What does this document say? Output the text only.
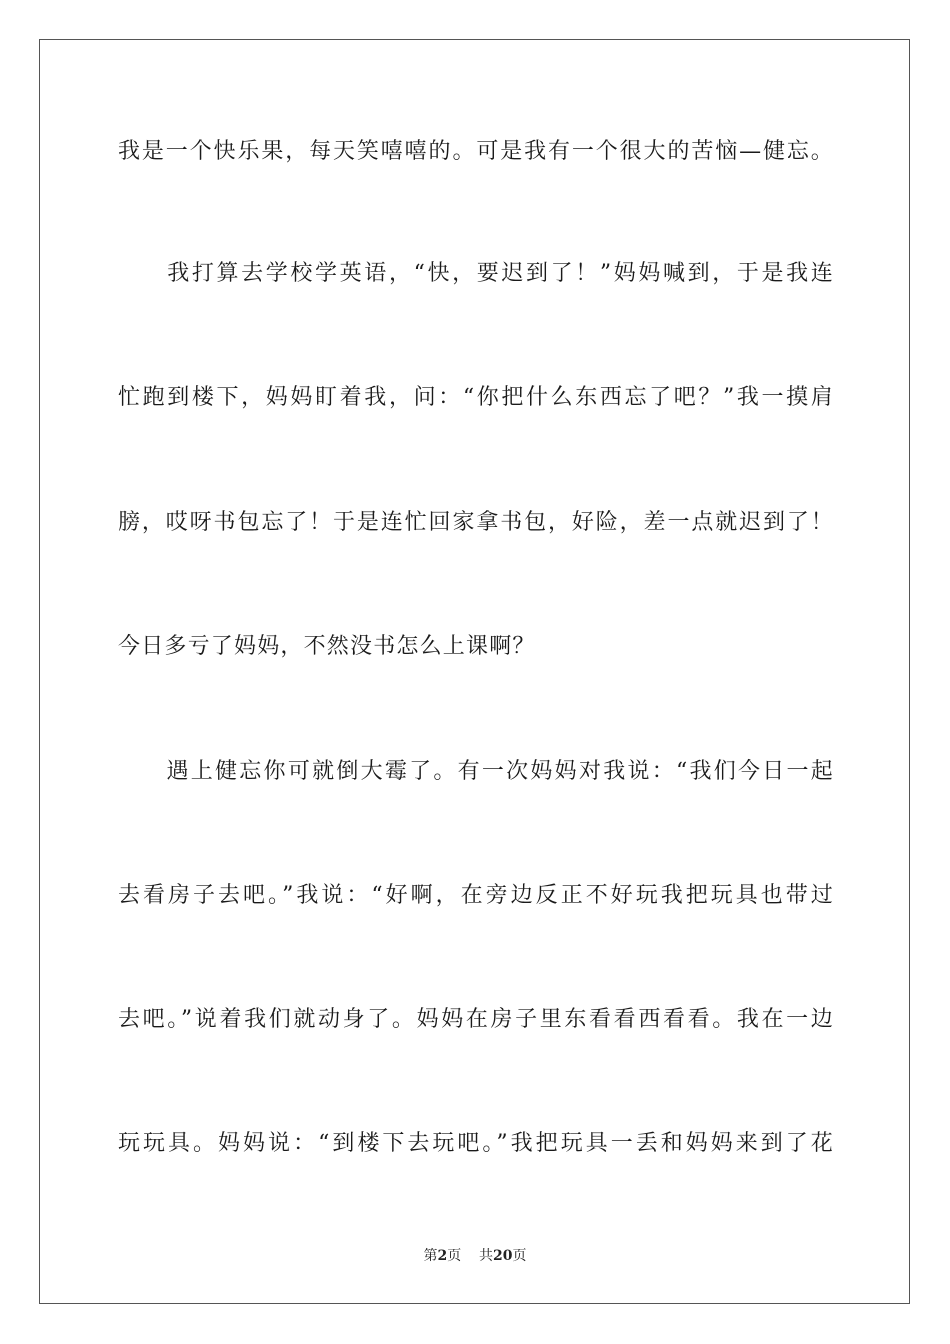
我是一个快乐果，每天笑嘻嘻的。可是我有一个很大的苦恼—健忘。
　　我打算去学校学英语，“快，要迟到了！”妈妈喊到，于是我连
忙跑到楼下，妈妈盯着我，问：“你把什么东西忘了吧？”我一摸肩
膀，哎呀书包忘了！于是连忙回家拿书包，好险，差一点就迟到了！
今日多亏了妈妈，不然没书怎么上课啊？
　　遇上健忘你可就倒大霉了。有一次妈妈对我说：“我们今日一起
去看房子去吧。”我说：“好啊，在旁边反正不好玩我把玩具也带过
去吧。”说着我们就动身了。妈妈在房子里东看看西看看。我在一边
玩玩具。妈妈说：“到楼下去玩吧。”我把玩具一丢和妈妈来到了花
第2页 共20页
